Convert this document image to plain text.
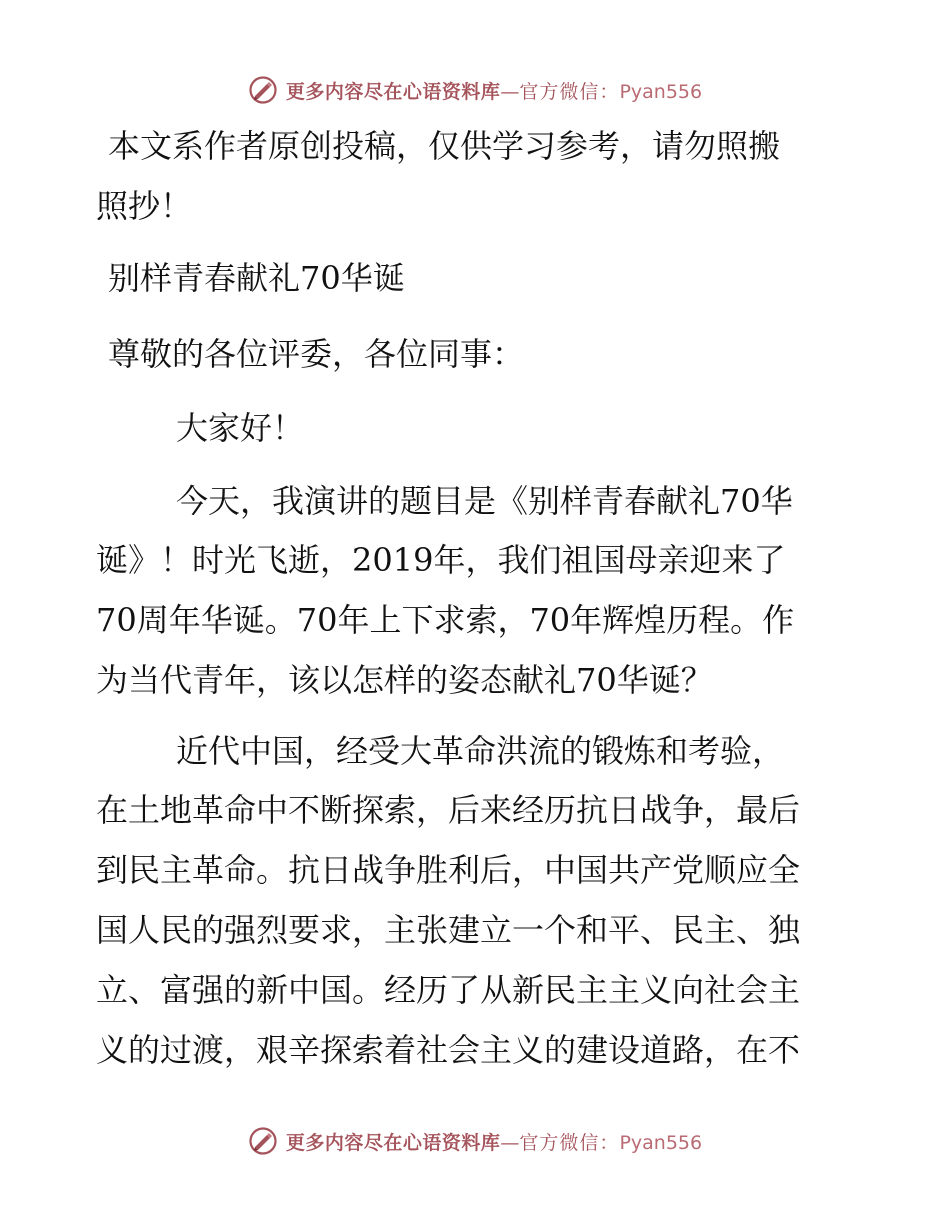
更多内容尽在心语资料库 — 官方微信： Pyan556
本文系作者原创投稿，仅供学习参考，请勿照搬
照抄！
别样青春献礼70华诞
尊敬的各位评委，各位同事：
大家好！
今天，我演讲的题目是《别样青春献礼70华
诞》！时光飞逝，2019年，我们祖国母亲迎来了
70周年华诞。70年上下求索，70年辉煌历程。作
为当代青年，该以怎样的姿态献礼70华诞？
近代中国，经受大革命洪流的锻炼和考验，
在土地革命中不断探索，后来经历抗日战争，最后
到民主革命。抗日战争胜利后，中国共产党顺应全
国人民的强烈要求，主张建立一个和平、民主、独
立、富强的新中国。经历了从新民主主义向社会主
义的过渡，艰辛探索着社会主义的建设道路，在不
更多内容尽在心语资料库 — 官方微信： Pyan556
